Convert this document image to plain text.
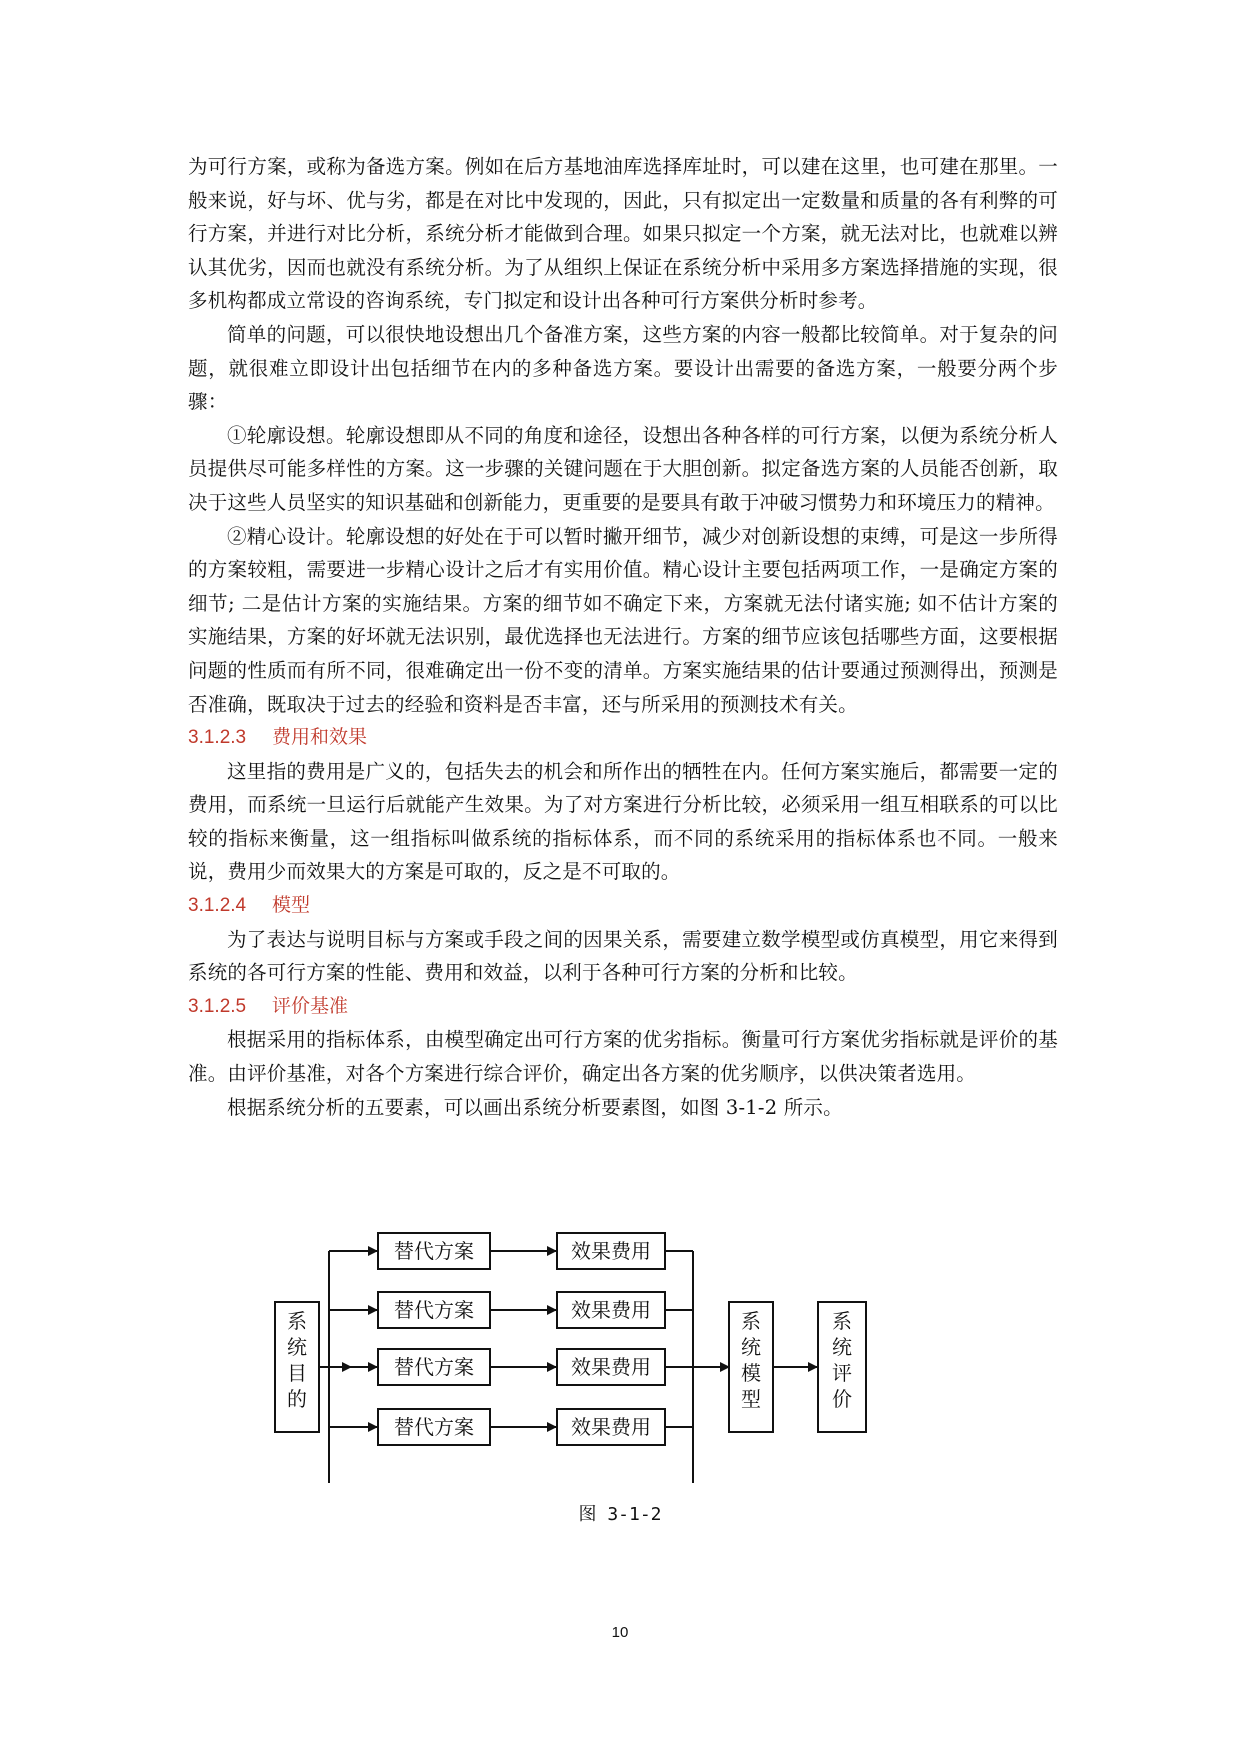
为可行方案，或称为备选方案。例如在后方基地油库选择库址时，可以建在这里，也可建在那里。一般来说，好与坏、优与劣，都是在对比中发现的，因此，只有拟定出一定数量和质量的各有利弊的可行方案，并进行对比分析，系统分析才能做到合理。如果只拟定一个方案，就无法对比，也就难以辨认其优劣，因而也就没有系统分析。为了从组织上保证在系统分析中采用多方案选择措施的实现，很多机构都成立常设的咨询系统，专门拟定和设计出各种可行方案供分析时参考。

简单的问题，可以很快地设想出几个备准方案，这些方案的内容一般都比较简单。对于复杂的问题，就很难立即设计出包括细节在内的多种备选方案。要设计出需要的备选方案，一般要分两个步骤：

①轮廓设想。轮廓设想即从不同的角度和途径，设想出各种各样的可行方案，以便为系统分析人员提供尽可能多样性的方案。这一步骤的关键问题在于大胆创新。拟定备选方案的人员能否创新，取决于这些人员坚实的知识基础和创新能力，更重要的是要具有敢于冲破习惯势力和环境压力的精神。

②精心设计。轮廓设想的好处在于可以暂时撇开细节，减少对创新设想的束缚，可是这一步所得的方案较粗，需要进一步精心设计之后才有实用价值。精心设计主要包括两项工作，一是确定方案的细节; 二是估计方案的实施结果。方案的细节如不确定下来，方案就无法付诸实施; 如不估计方案的实施结果，方案的好坏就无法识别，最优选择也无法进行。方案的细节应该包括哪些方面，这要根据问题的性质而有所不同，很难确定出一份不变的清单。方案实施结果的估计要通过预测得出，预测是否准确，既取决于过去的经验和资料是否丰富，还与所采用的预测技术有关。

3.1.2.3 费用和效果

这里指的费用是广义的，包括失去的机会和所作出的牺牲在内。任何方案实施后，都需要一定的费用，而系统一旦运行后就能产生效果。为了对方案进行分析比较，必须采用一组互相联系的可以比较的指标来衡量，这一组指标叫做系统的指标体系，而不同的系统采用的指标体系也不同。一般来说，费用少而效果大的方案是可取的，反之是不可取的。

3.1.2.4 模型

为了表达与说明目标与方案或手段之间的因果关系，需要建立数学模型或仿真模型，用它来得到系统的各可行方案的性能、费用和效益，以利于各种可行方案的分析和比较。

3.1.2.5 评价基准

根据采用的指标体系，由模型确定出可行方案的优劣指标。衡量可行方案优劣指标就是评价的基准。由评价基准，对各个方案进行综合评价，确定出各方案的优劣顺序，以供决策者选用。

根据系统分析的五要素，可以画出系统分析要素图，如图 3-1-2 所示。

系
统
目
的
替代方案	效果费用
替代方案	效果费用
替代方案	效果费用
替代方案	效果费用
系
统
模
型
系
统
评
价
图 3-1-2
10
